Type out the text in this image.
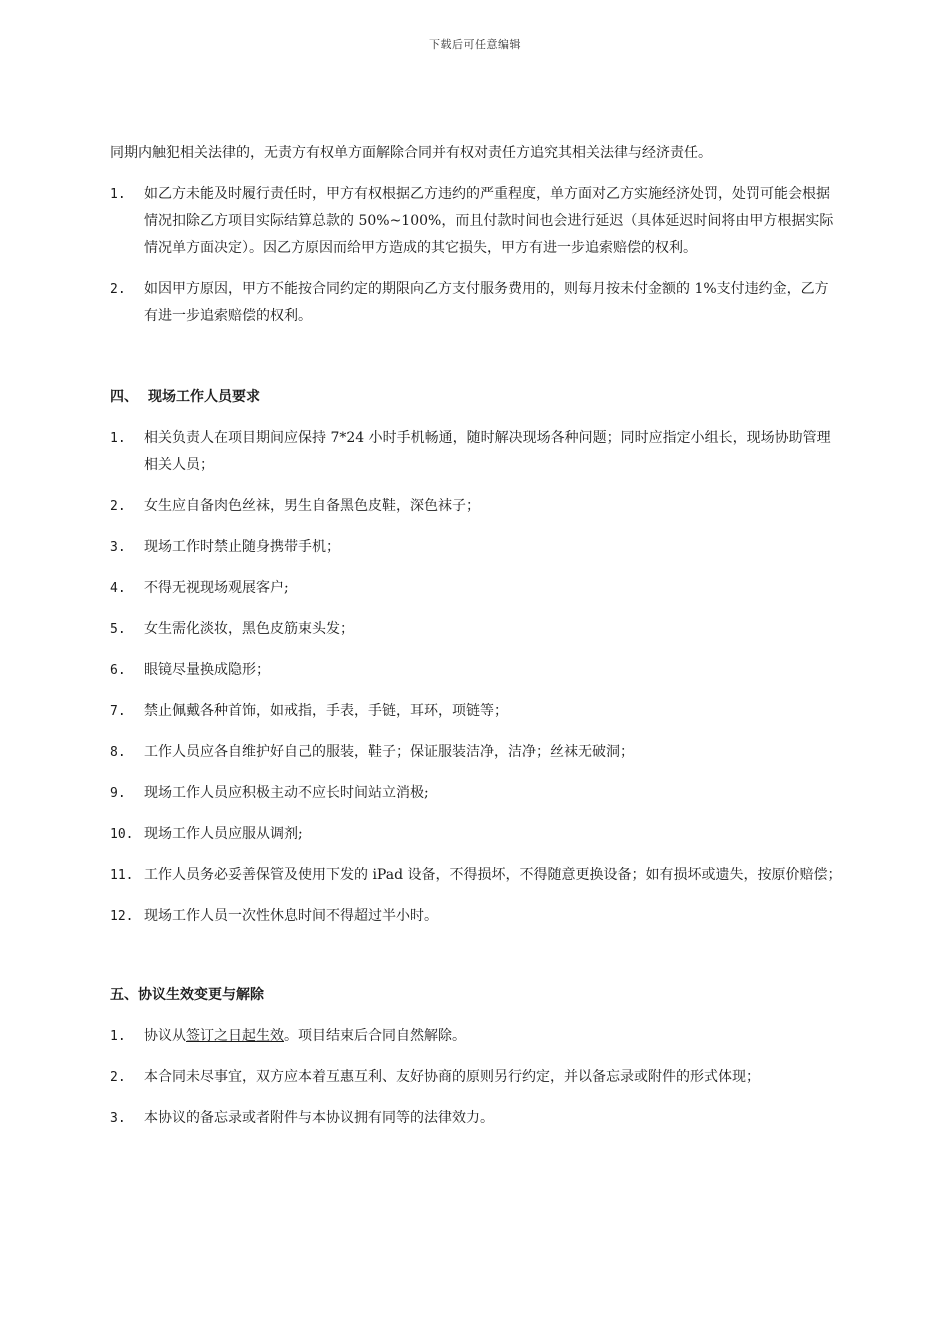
下载后可任意编辑

同期内触犯相关法律的，无责方有权单方面解除合同并有权对责任方追究其相关法律与经济责任。

1.	如乙方未能及时履行责任时，甲方有权根据乙方违约的严重程度，单方面对乙方实施经济处罚，处罚可能会根据情况扣除乙方项目实际结算总款的 50%~100%，而且付款时间也会进行延迟（具体延迟时间将由甲方根据实际情况单方面决定）。因乙方原因而给甲方造成的其它损失，甲方有进一步追索赔偿的权利。
2.	如因甲方原因，甲方不能按合同约定的期限向乙方支付服务费用的，则每月按未付金额的 1%支付违约金，乙方有进一步追索赔偿的权利。
四、 现场工作人员要求
1.	相关负责人在项目期间应保持 7*24 小时手机畅通，随时解决现场各种问题；同时应指定小组长，现场协助管理相关人员；
2.	女生应自备肉色丝袜，男生自备黑色皮鞋，深色袜子；
3.	现场工作时禁止随身携带手机；
4.	不得无视现场观展客户;
5.	女生需化淡妆，黑色皮筋束头发；
6.	眼镜尽量换成隐形；
7.	禁止佩戴各种首饰，如戒指，手表，手链，耳环，项链等；
8.	工作人员应各自维护好自己的服装，鞋子；保证服装洁净，洁净；丝袜无破洞；
9.	现场工作人员应积极主动不应长时间站立消极;
10. 现场工作人员应服从调剂;
11. 工作人员务必妥善保管及使用下发的 iPad 设备，不得损坏，不得随意更换设备；如有损坏或遗失，按原价赔偿；
12. 现场工作人员一次性休息时间不得超过半小时。
五、协议生效变更与解除
1.	协议从签订之日起生效。项目结束后合同自然解除。
2.	本合同未尽事宜，双方应本着互惠互利、友好协商的原则另行约定，并以备忘录或附件的形式体现；
3.	本协议的备忘录或者附件与本协议拥有同等的法律效力。
